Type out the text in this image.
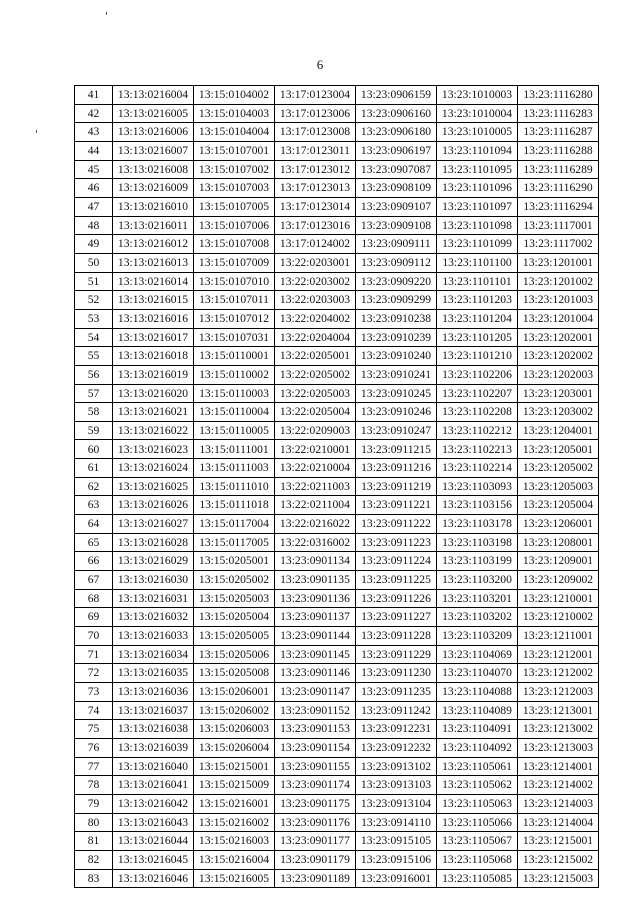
6
41	13:13:0216004	13:15:0104002	13:17:0123004	13:23:0906159	13:23:1010003	13:23:1116280
42	13:13:0216005	13:15:0104003	13:17:0123006	13:23:0906160	13:23:1010004	13:23:1116283
43	13:13:0216006	13:15:0104004	13:17:0123008	13:23:0906180	13:23:1010005	13:23:1116287
44	13:13:0216007	13:15:0107001	13:17:0123011	13:23:0906197	13:23:1101094	13:23:1116288
45	13:13:0216008	13:15:0107002	13:17:0123012	13:23:0907087	13:23:1101095	13:23:1116289
46	13:13:0216009	13:15:0107003	13:17:0123013	13:23:0908109	13:23:1101096	13:23:1116290
47	13:13:0216010	13:15:0107005	13:17:0123014	13:23:0909107	13:23:1101097	13:23:1116294
48	13:13:0216011	13:15:0107006	13:17:0123016	13:23:0909108	13:23:1101098	13:23:1117001
49	13:13:0216012	13:15:0107008	13:17:0124002	13:23:0909111	13:23:1101099	13:23:1117002
50	13:13:0216013	13:15:0107009	13:22:0203001	13:23:0909112	13:23:1101100	13:23:1201001
51	13:13:0216014	13:15:0107010	13:22:0203002	13:23:0909220	13:23:1101101	13:23:1201002
52	13:13:0216015	13:15:0107011	13:22:0203003	13:23:0909299	13:23:1101203	13:23:1201003
53	13:13:0216016	13:15:0107012	13:22:0204002	13:23:0910238	13:23:1101204	13:23:1201004
54	13:13:0216017	13:15:0107031	13:22:0204004	13:23:0910239	13:23:1101205	13:23:1202001
55	13:13:0216018	13:15:0110001	13:22:0205001	13:23:0910240	13:23:1101210	13:23:1202002
56	13:13:0216019	13:15:0110002	13:22:0205002	13:23:0910241	13:23:1102206	13:23:1202003
57	13:13:0216020	13:15:0110003	13:22:0205003	13:23:0910245	13:23:1102207	13:23:1203001
58	13:13:0216021	13:15:0110004	13:22:0205004	13:23:0910246	13:23:1102208	13:23:1203002
59	13:13:0216022	13:15:0110005	13:22:0209003	13:23:0910247	13:23:1102212	13:23:1204001
60	13:13:0216023	13:15:0111001	13:22:0210001	13:23:0911215	13:23:1102213	13:23:1205001
61	13:13:0216024	13:15:0111003	13:22:0210004	13:23:0911216	13:23:1102214	13:23:1205002
62	13:13:0216025	13:15:0111010	13:22:0211003	13:23:0911219	13:23:1103093	13:23:1205003
63	13:13:0216026	13:15:0111018	13:22:0211004	13:23:0911221	13:23:1103156	13:23:1205004
64	13:13:0216027	13:15:0117004	13:22:0216022	13:23:0911222	13:23:1103178	13:23:1206001
65	13:13:0216028	13:15:0117005	13:22:0316002	13:23:0911223	13:23:1103198	13:23:1208001
66	13:13:0216029	13:15:0205001	13:23:0901134	13:23:0911224	13:23:1103199	13:23:1209001
67	13:13:0216030	13:15:0205002	13:23:0901135	13:23:0911225	13:23:1103200	13:23:1209002
68	13:13:0216031	13:15:0205003	13:23:0901136	13:23:0911226	13:23:1103201	13:23:1210001
69	13:13:0216032	13:15:0205004	13:23:0901137	13:23:0911227	13:23:1103202	13:23:1210002
70	13:13:0216033	13:15:0205005	13:23:0901144	13:23:0911228	13:23:1103209	13:23:1211001
71	13:13:0216034	13:15:0205006	13:23:0901145	13:23:0911229	13:23:1104069	13:23:1212001
72	13:13:0216035	13:15:0205008	13:23:0901146	13:23:0911230	13:23:1104070	13:23:1212002
73	13:13:0216036	13:15:0206001	13:23:0901147	13:23:0911235	13:23:1104088	13:23:1212003
74	13:13:0216037	13:15:0206002	13:23:0901152	13:23:0911242	13:23:1104089	13:23:1213001
75	13:13:0216038	13:15:0206003	13:23:0901153	13:23:0912231	13:23:1104091	13:23:1213002
76	13:13:0216039	13:15:0206004	13:23:0901154	13:23:0912232	13:23:1104092	13:23:1213003
77	13:13:0216040	13:15:0215001	13:23:0901155	13:23:0913102	13:23:1105061	13:23:1214001
78	13:13:0216041	13:15:0215009	13:23:0901174	13:23:0913103	13:23:1105062	13:23:1214002
79	13:13:0216042	13:15:0216001	13:23:0901175	13:23:0913104	13:23:1105063	13:23:1214003
80	13:13:0216043	13:15:0216002	13:23:0901176	13:23:0914110	13:23:1105066	13:23:1214004
81	13:13:0216044	13:15:0216003	13:23:0901177	13:23:0915105	13:23:1105067	13:23:1215001
82	13:13:0216045	13:15:0216004	13:23:0901179	13:23:0915106	13:23:1105068	13:23:1215002
83	13:13:0216046	13:15:0216005	13:23:0901189	13:23:0916001	13:23:1105085	13:23:1215003
